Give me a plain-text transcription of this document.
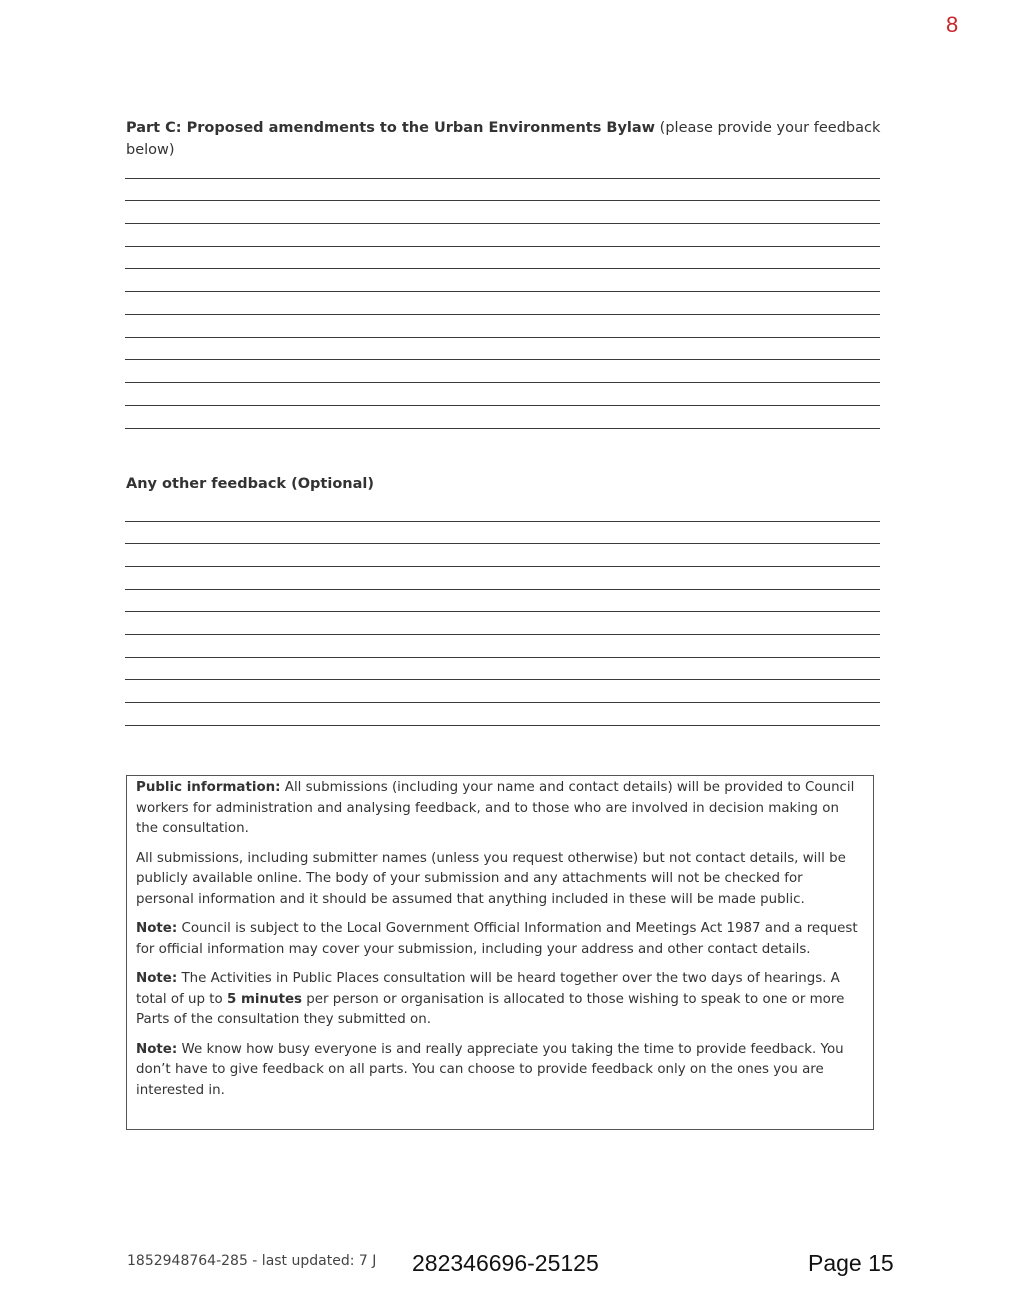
8
Part C: Proposed amendments to the Urban Environments Bylaw (please provide your feedback below)
Any other feedback (Optional)

Public information: All submissions (including your name and contact details) will be provided to Council workers for administration and analysing feedback, and to those who are involved in decision making on the consultation.

All submissions, including submitter names (unless you request otherwise) but not contact details, will be publicly available online. The body of your submission and any attachments will not be checked for personal information and it should be assumed that anything included in these will be made public.

Note: Council is subject to the Local Government Official Information and Meetings Act 1987 and a request for official information may cover your submission, including your address and other contact details.

Note: The Activities in Public Places consultation will be heard together over the two days of hearings. A total of up to 5 minutes per person or organisation is allocated to those wishing to speak to one or more Parts of the consultation they submitted on.

Note: We know how busy everyone is and really appreciate you taking the time to provide feedback. You don’t have to give feedback on all parts. You can choose to provide feedback only on the ones you are interested in.

1852948764-285 - last updated: 7 J 282346696-25125	Page 15
